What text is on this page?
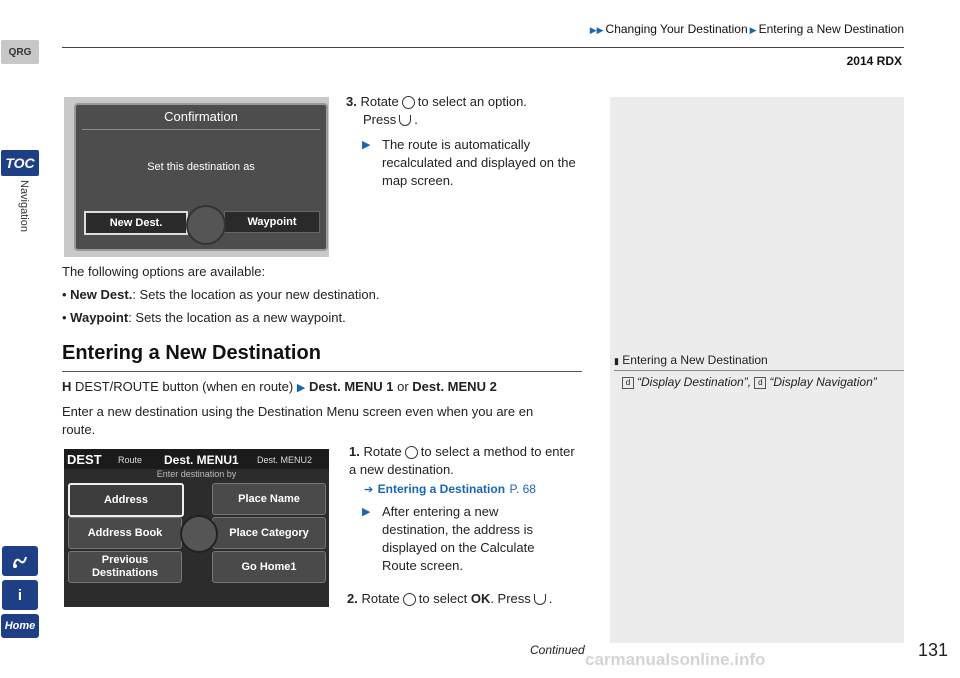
▶▶ Changing Your Destination ▶ Entering a New Destination
2014 RDX
QRG
TOC
Navigation
i
Home
▮ Entering a New Destination
d “Display Destination”, d “Display Navigation”
Confirmation
Set this destination as
New Dest.	Waypoint
3. Rotate to select an option.
Press .
▶ The route is automatically recalculated and displayed on the map screen.
The following options are available:
• New Dest.: Sets the location as your new destination.
• Waypoint: Sets the location as a new waypoint.
Entering a New Destination
H DEST/ROUTE button (when en route) ▶ Dest. MENU 1 or Dest. MENU 2
Enter a new destination using the Destination Menu screen even when you are en route.
DEST Route Dest. MENU1 Dest. MENU2
Enter destination by
Address	Place Name
Address Book	Place Category
Previous Destinations
Go Home1
1. Rotate to select a method to enter a new destination.
➔ Entering a Destination P. 68
▶ After entering a new destination, the address is displayed on the Calculate Route screen.
2. Rotate to select OK. Press .
Continued carmanualsonline.info	131
